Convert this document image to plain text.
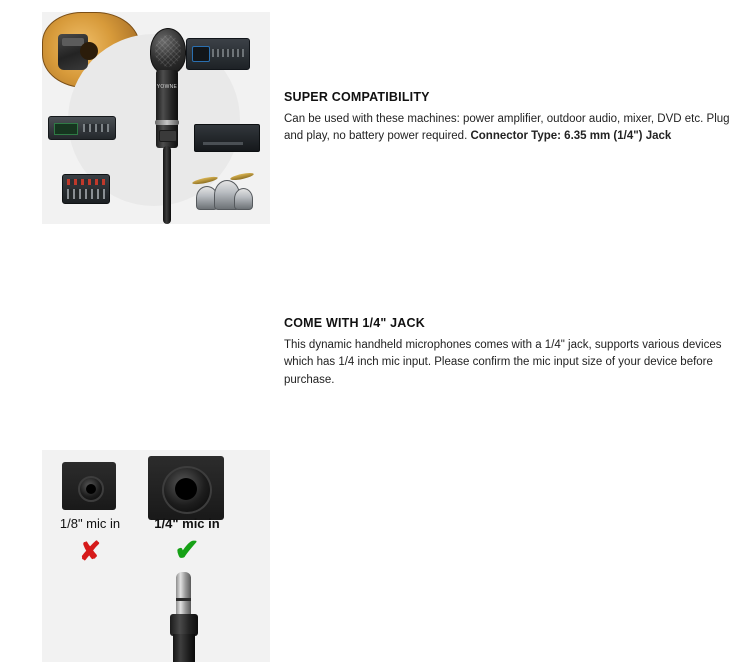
YOWNE
SUPER COMPATIBILITY

Can be used with these machines: power amplifier, outdoor audio, mixer, DVD etc. Plug and play, no battery power required. Connector Type: 6.35 mm (1/4") Jack

1/8" mic in	1/4" mic in
✘	✔
COME WITH 1/4" JACK

This dynamic handheld microphones comes with a 1/4" jack, supports various devices which has 1/4 inch mic input. Please confirm the mic input size of your device before purchase.
